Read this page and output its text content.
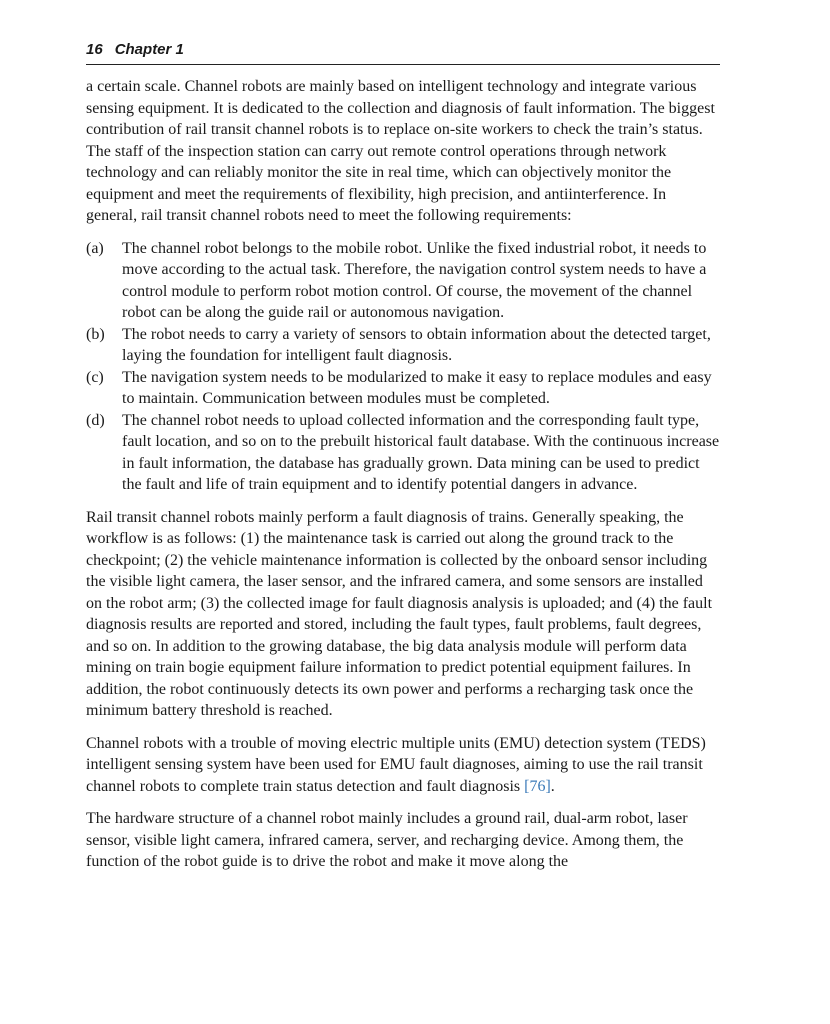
16 Chapter 1

a certain scale. Channel robots are mainly based on intelligent technology and integrate various sensing equipment. It is dedicated to the collection and diagnosis of fault information. The biggest contribution of rail transit channel robots is to replace on-site workers to check the train’s status. The staff of the inspection station can carry out remote control operations through network technology and can reliably monitor the site in real time, which can objectively monitor the equipment and meet the requirements of flexibility, high precision, and antiinterference. In general, rail transit channel robots need to meet the following requirements:

(a)	The channel robot belongs to the mobile robot. Unlike the fixed industrial robot, it needs to move according to the actual task. Therefore, the navigation control system needs to have a control module to perform robot motion control. Of course, the movement of the channel robot can be along the guide rail or autonomous navigation.
(b)	The robot needs to carry a variety of sensors to obtain information about the detected target, laying the foundation for intelligent fault diagnosis.
(c)	The navigation system needs to be modularized to make it easy to replace modules and easy to maintain. Communication between modules must be completed.
(d)	The channel robot needs to upload collected information and the corresponding fault type, fault location, and so on to the prebuilt historical fault database. With the continuous increase in fault information, the database has gradually grown. Data mining can be used to predict the fault and life of train equipment and to identify potential dangers in advance.

Rail transit channel robots mainly perform a fault diagnosis of trains. Generally speaking, the workflow is as follows: (1) the maintenance task is carried out along the ground track to the checkpoint; (2) the vehicle maintenance information is collected by the onboard sensor including the visible light camera, the laser sensor, and the infrared camera, and some sensors are installed on the robot arm; (3) the collected image for fault diagnosis analysis is uploaded; and (4) the fault diagnosis results are reported and stored, including the fault types, fault problems, fault degrees, and so on. In addition to the growing database, the big data analysis module will perform data mining on train bogie equipment failure information to predict potential equipment failures. In addition, the robot continuously detects its own power and performs a recharging task once the minimum battery threshold is reached.

Channel robots with a trouble of moving electric multiple units (EMU) detection system (TEDS) intelligent sensing system have been used for EMU fault diagnoses, aiming to use the rail transit channel robots to complete train status detection and fault diagnosis [76].

The hardware structure of a channel robot mainly includes a ground rail, dual-arm robot, laser sensor, visible light camera, infrared camera, server, and recharging device. Among them, the function of the robot guide is to drive the robot and make it move along the
